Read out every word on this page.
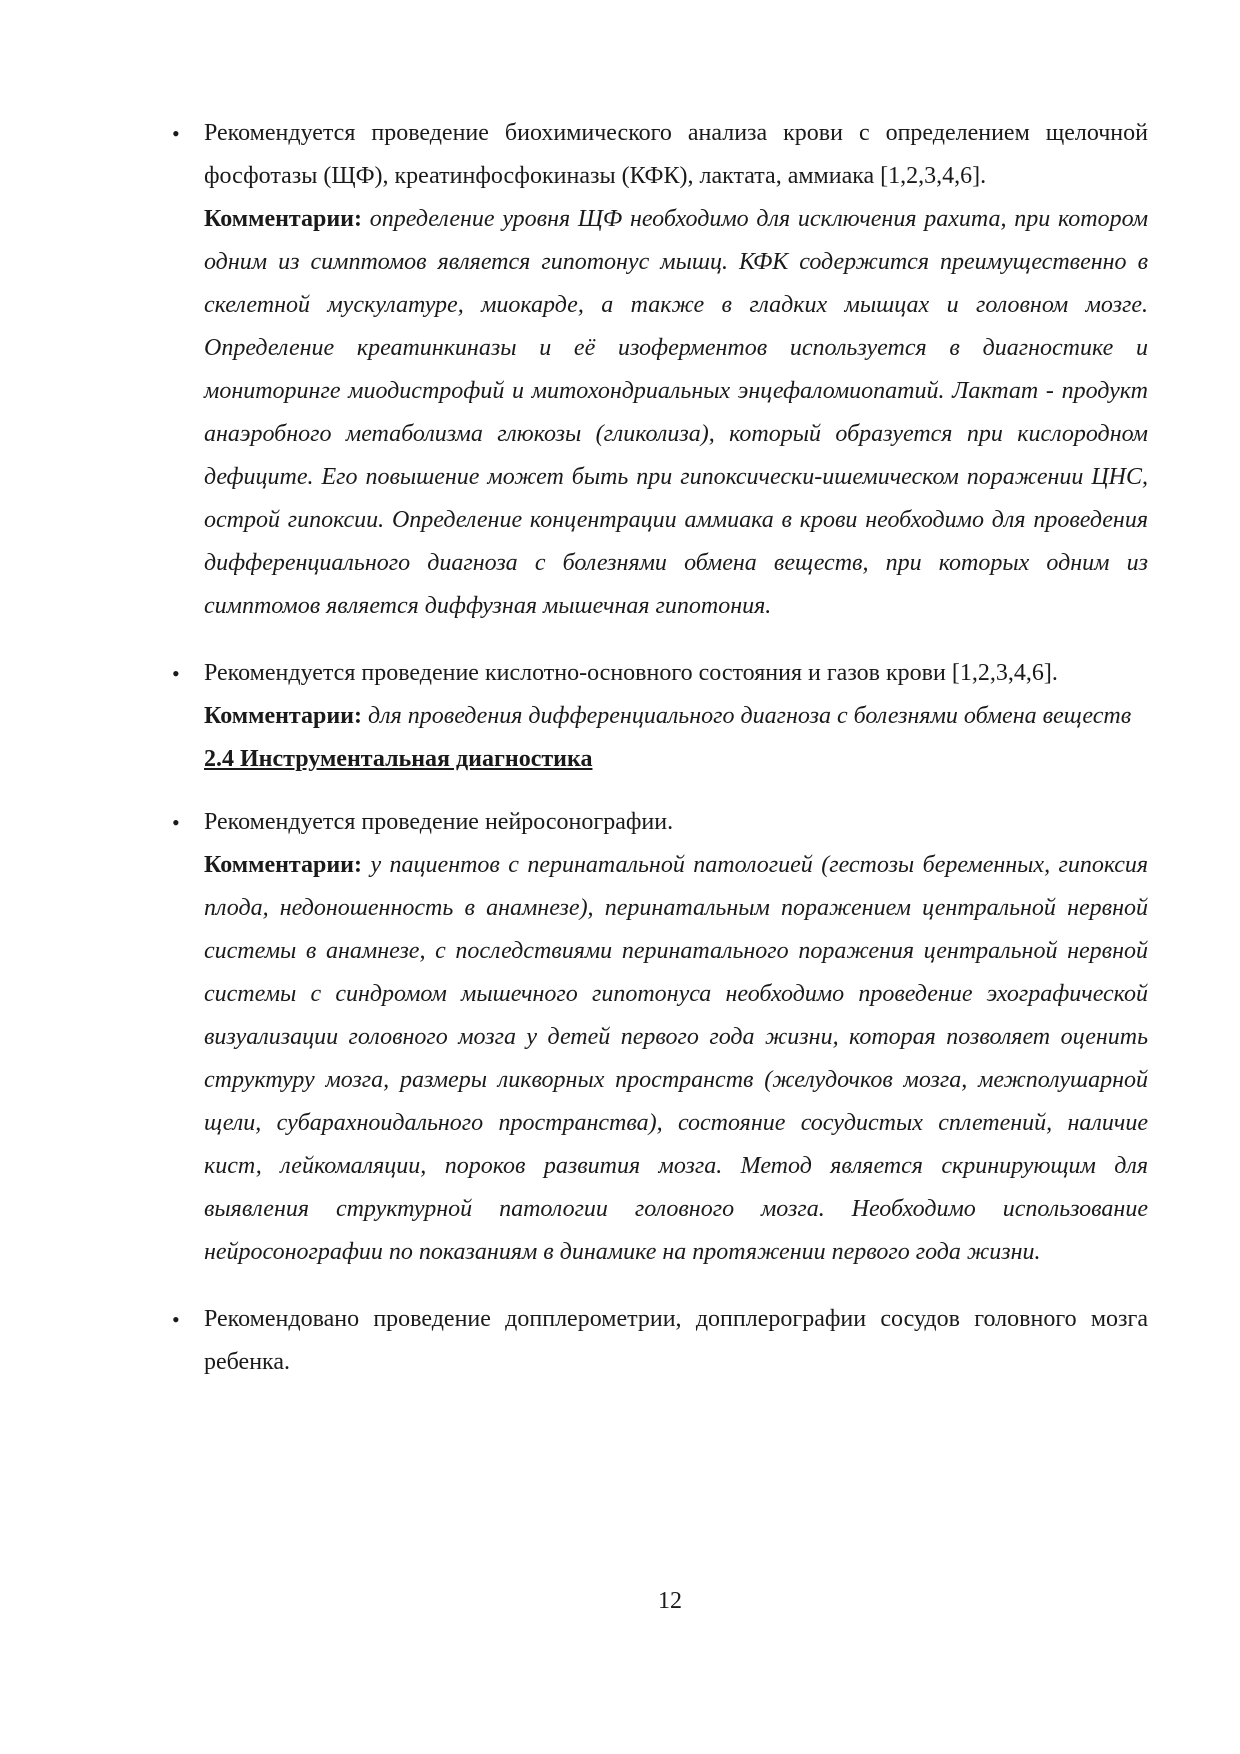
• Рекомендуется проведение биохимического анализа крови с определением щелочной фосфотазы (ЩФ), креатинфосфокиназы (КФК), лактата, аммиака [1,2,3,4,6].
Комментарии: определение уровня ЩФ необходимо для исключения рахита, при котором одним из симптомов является гипотонус мышц. КФК содержится преимущественно в скелетной мускулатуре, миокарде, а также в гладких мышцах и головном мозге. Определение креатинкиназы и её изоферментов используется в диагностике и мониторинге миодистрофий и митохондриальных энцефаломиопатий. Лактат - продукт анаэробного метаболизма глюкозы (гликолиза), который образуется при кислородном дефиците. Его повышение может быть при гипоксически-ишемическом поражении ЦНС, острой гипоксии. Определение концентрации аммиака в крови необходимо для проведения дифференциального диагноза с болезнями обмена веществ, при которых одним из симптомов является диффузная мышечная гипотония.
• Рекомендуется проведение кислотно-основного состояния и газов крови [1,2,3,4,6].
Комментарии: для проведения дифференциального диагноза с болезнями обмена веществ
2.4 Инструментальная диагностика
• Рекомендуется проведение нейросонографии.
Комментарии: у пациентов с перинатальной патологией (гестозы беременных, гипоксия плода, недоношенность в анамнезе), перинатальным поражением центральной нервной системы в анамнезе, с последствиями перинатального поражения центральной нервной системы с синдромом мышечного гипотонуса необходимо проведение эхографической визуализации головного мозга у детей первого года жизни, которая позволяет оценить структуру мозга, размеры ликворных пространств (желудочков мозга, межполушарной щели, субарахноидального пространства), состояние сосудистых сплетений, наличие кист, лейкомаляции, пороков развития мозга. Метод является скринирующим для выявления структурной патологии головного мозга. Необходимо использование нейросонографии по показаниям в динамике на протяжении первого года жизни.
• Рекомендовано проведение допплерометрии, допплерографии сосудов головного мозга ребенка.
12
